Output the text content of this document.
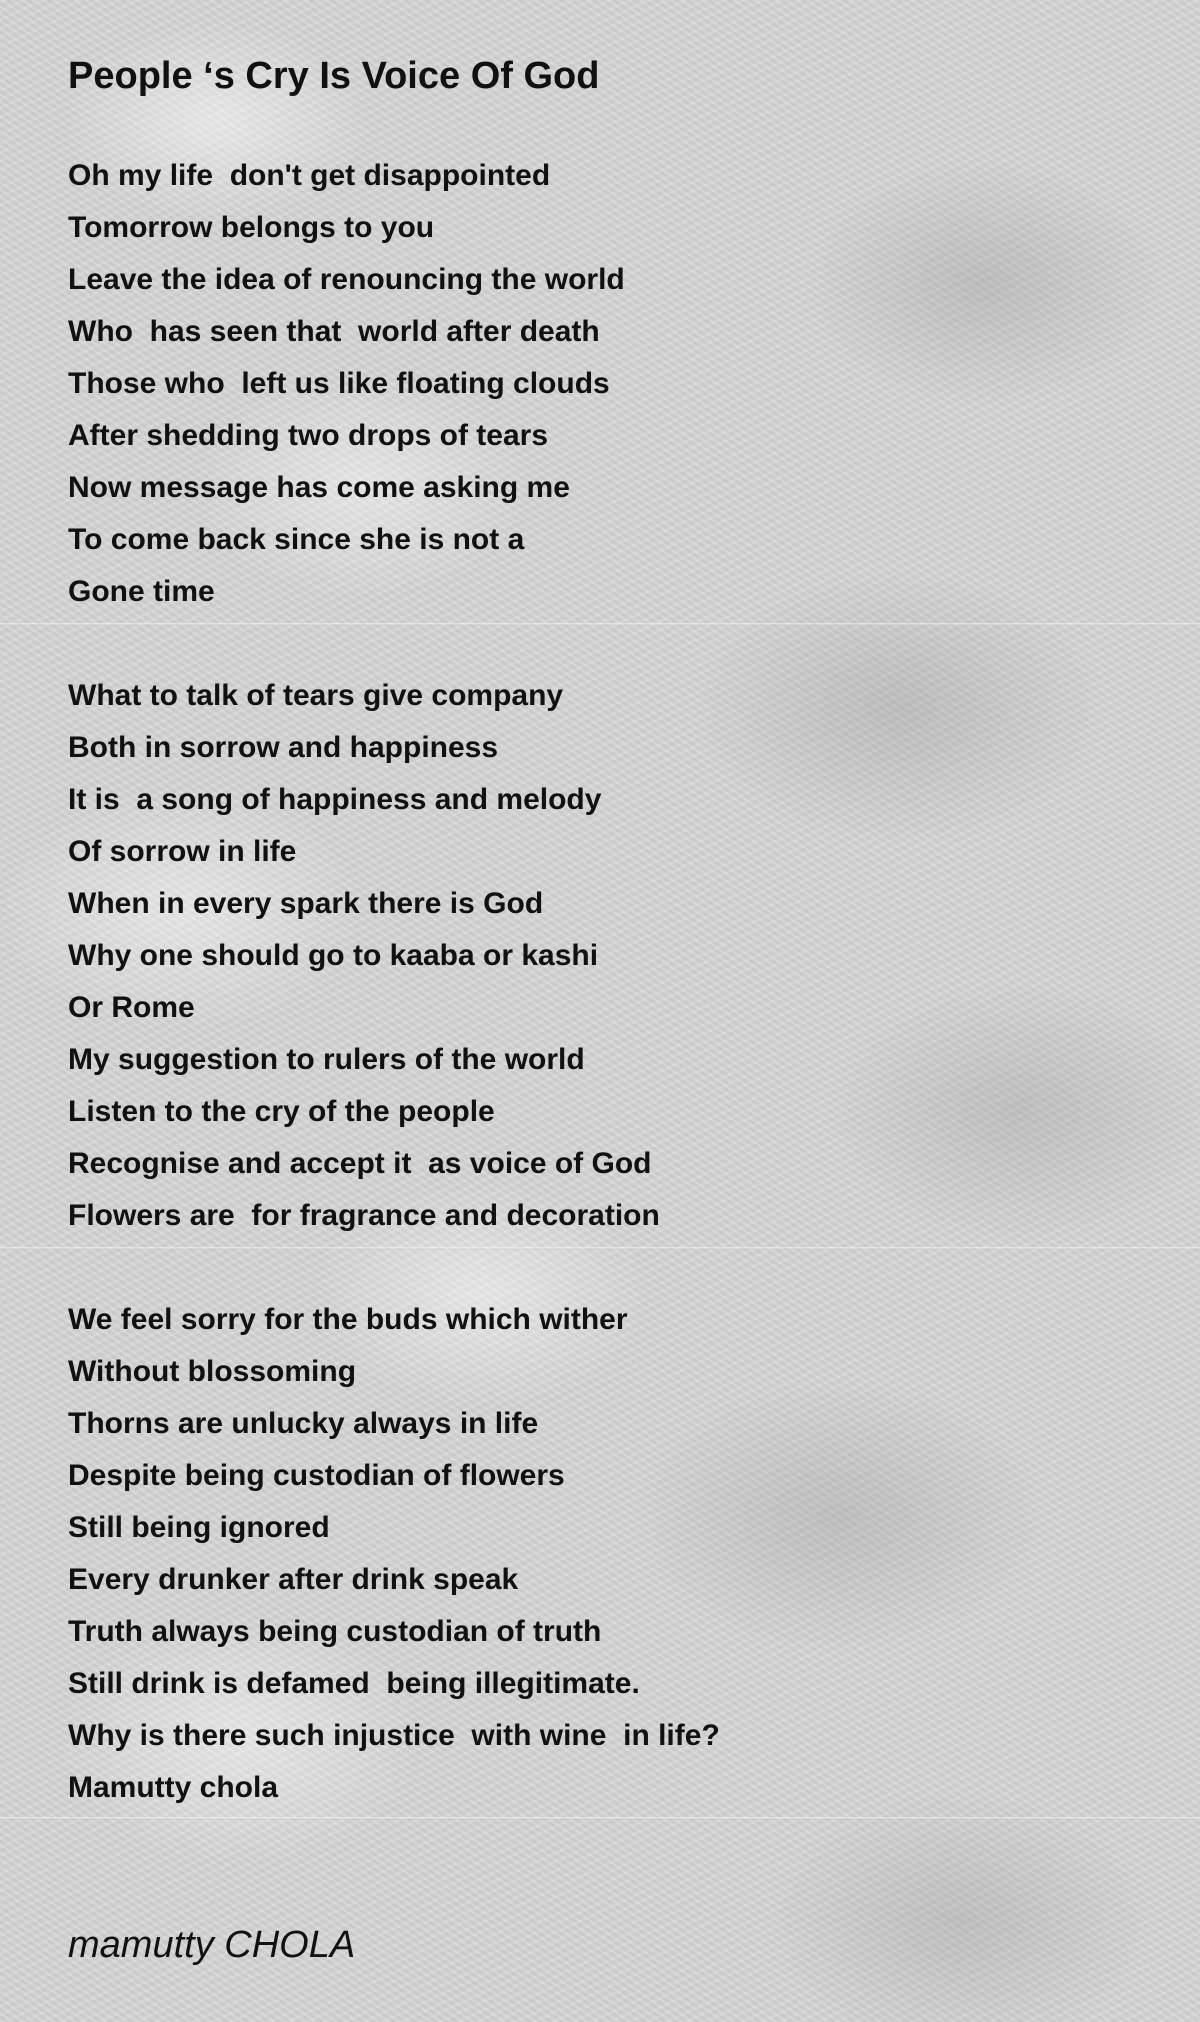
People ‘s Cry Is Voice Of God
Oh my life  don't get disappointed
Tomorrow belongs to you
Leave the idea of renouncing the world
Who  has seen that  world after death
Those who  left us like floating clouds
After shedding two drops of tears
Now message has come asking me
To come back since she is not a
Gone time
What to talk of tears give company
Both in sorrow and happiness
It is  a song of happiness and melody
Of sorrow in life
When in every spark there is God
Why one should go to kaaba or kashi
Or Rome
My suggestion to rulers of the world
Listen to the cry of the people
Recognise and accept it  as voice of God
Flowers are  for fragrance and decoration
We feel sorry for the buds which wither
Without blossoming
Thorns are unlucky always in life
Despite being custodian of flowers
Still being ignored
Every drunker after drink speak
Truth always being custodian of truth
Still drink is defamed  being illegitimate.
Why is there such injustice  with wine  in life?
Mamutty chola
mamutty CHOLA
